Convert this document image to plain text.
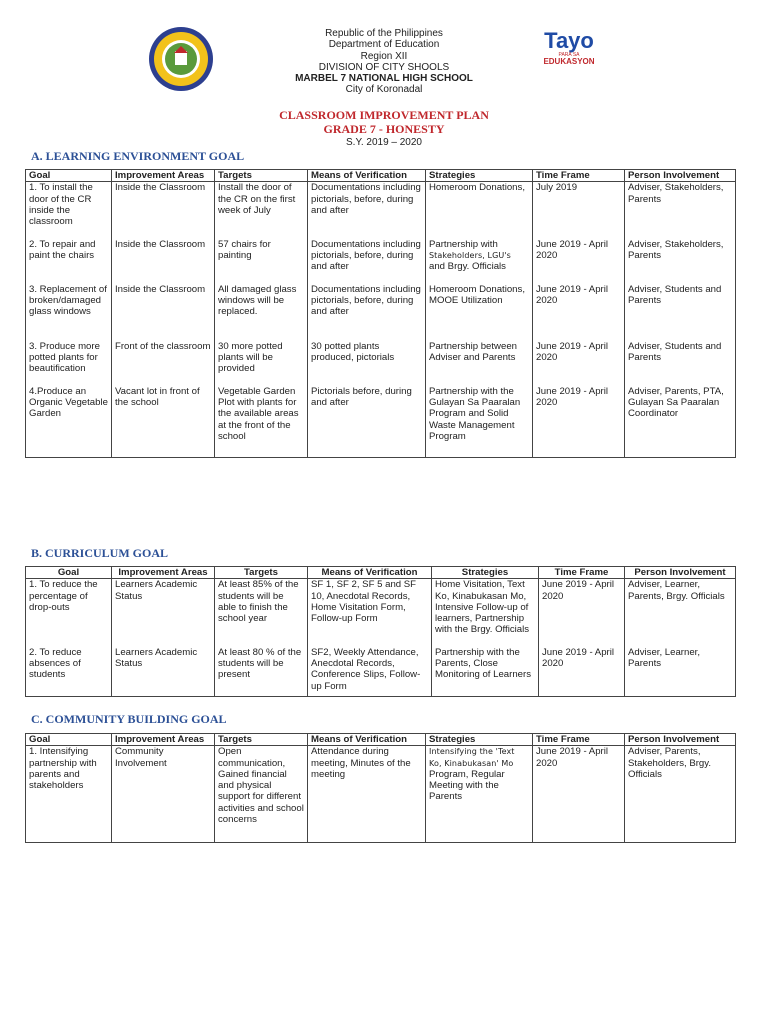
Tayo
PARA SA
EDUKASYON
Republic of the Philippines
Department of Education
Region XII
DIVISION OF CITY SHOOLS
MARBEL 7 NATIONAL HIGH SCHOOL
City of Koronadal
CLASSROOM IMPROVEMENT PLAN
GRADE 7 - HONESTY
S.Y. 2019 – 2020
A. LEARNING ENVIRONMENT GOAL
Goal	Improvement Areas	Targets	Means of Verification	Strategies	Time Frame	Person Involvement
1. To install the door of the CR inside the classroom	Inside the Classroom	Install the door of the CR on the first week of July	Documentations including pictorials, before, during and after	Homeroom Donations,	July 2019	Adviser, Stakeholders, Parents
2. To repair and paint the chairs	Inside the Classroom	57 chairs for painting	Documentations including pictorials, before, during and after	Partnership with
Stakeholders, LGU's
and Brgy. Officials	June 2019 - April 2020	Adviser, Stakeholders, Parents
3. Replacement of broken/damaged glass windows	Inside the Classroom	All damaged glass windows will be replaced.	Documentations including pictorials, before, during and after	Homeroom Donations, MOOE Utilization	June 2019 - April 2020	Adviser, Students and Parents
3. Produce more potted plants for beautification	Front of the classroom	30 more potted plants will be provided	30 potted plants produced, pictorials	Partnership between Adviser and Parents	June 2019 - April 2020	Adviser, Students and Parents
4.Produce an Organic Vegetable Garden	Vacant lot in front of the school	Vegetable Garden Plot with plants for the available areas at the front of the school	Pictorials before, during and after	Partnership with the Gulayan Sa Paaralan Program and Solid Waste Management Program	June 2019 - April 2020	Adviser, Parents, PTA, Gulayan Sa Paaralan Coordinator
B. CURRICULUM GOAL
Goal	Improvement Areas	Targets	Means of Verification	Strategies	Time Frame	Person Involvement
1. To reduce the percentage of drop-outs	Learners Academic Status	At least 85% of the students will be able to finish the school year	SF 1, SF 2, SF 5 and SF 10, Anecdotal Records, Home Visitation Form, Follow-up Form	Home Visitation, Text Ko, Kinabukasan Mo, Intensive Follow-up of learners, Partnership with the Brgy. Officials	June 2019 - April 2020	Adviser, Learner, Parents, Brgy. Officials
2. To reduce absences of students	Learners Academic Status	At least 80 % of the students will be present	SF2, Weekly Attendance, Anecdotal Records, Conference Slips, Follow-up Form	Partnership with the Parents, Close Monitoring of Learners	June 2019 - April 2020	Adviser, Learner, Parents
C. COMMUNITY BUILDING GOAL
Goal	Improvement Areas	Targets	Means of Verification	Strategies	Time Frame	Person Involvement
1. Intensifying partnership with parents and stakeholders	Community Involvement	Open communication, Gained financial and physical support for different activities and school concerns	Attendance during meeting, Minutes of the meeting	Intensifying the 'Text
Ko, Kinabukasan' Mo
Program, Regular Meeting with the Parents	June 2019 - April 2020	Adviser, Parents, Stakeholders, Brgy. Officials
